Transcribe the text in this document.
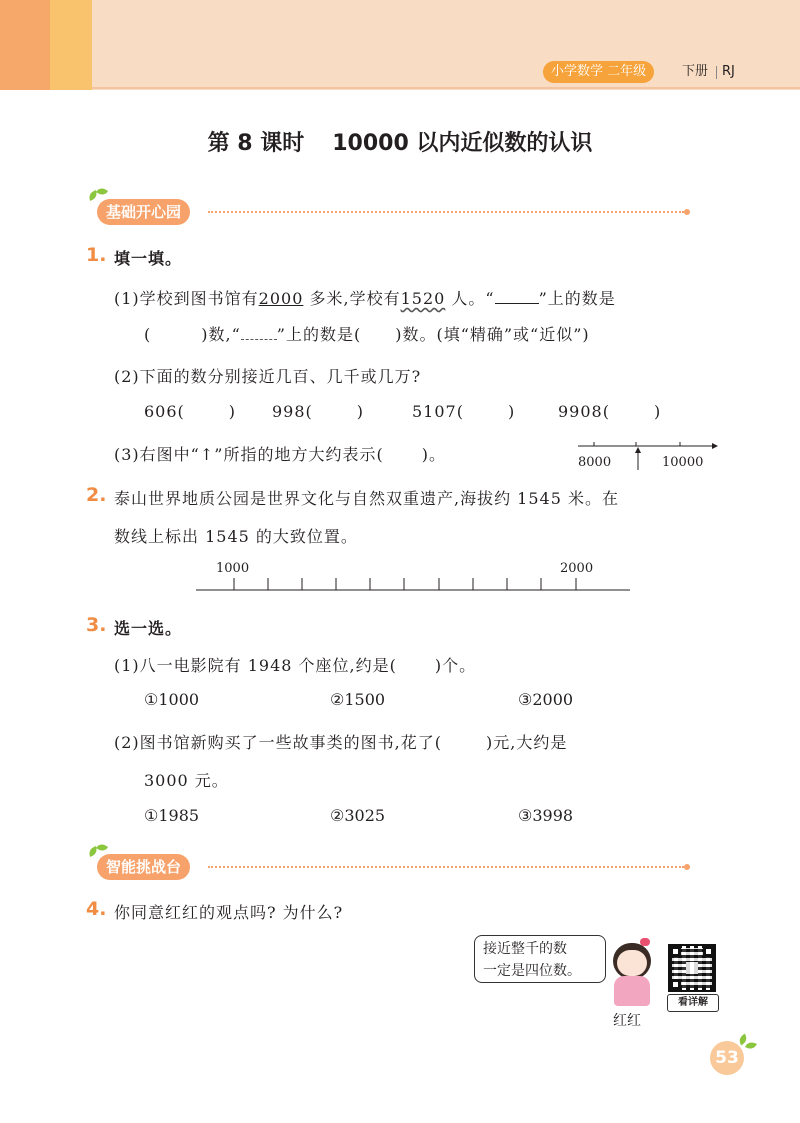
小学数学 二年级	下册 RJ
第 8 课时 10000 以内近似数的认识
基础开心园
1. 填一填。
(1)学校到图书馆有2000 多米,学校有1520 人。“	”上的数是
(	)数,“ ”上的数是( )数。(填“精确”或“近似”)
(2)下面的数分别接近几百、几千或几万?
606(	) 998(	)	5107(	)	9908(	)
(3)右图中“↑”所指的地方大约表示( )。	8000	10000
2. 泰山世界地质公园是世界文化与自然双重遗产,海拔约 1545 米。在
数线上标出 1545 的大致位置。
1000	2000
3. 选一选。
(1)八一电影院有 1948 个座位,约是( )个。
①1000	②1500	③2000
(2)图书馆新购买了一些故事类的图书,花了(	)元,大约是
3000 元。
①1985	②3025	③3998
智能挑战台
4. 你同意红红的观点吗? 为什么?
接近整千的数
一定是四位数。
红红
看详解
53
